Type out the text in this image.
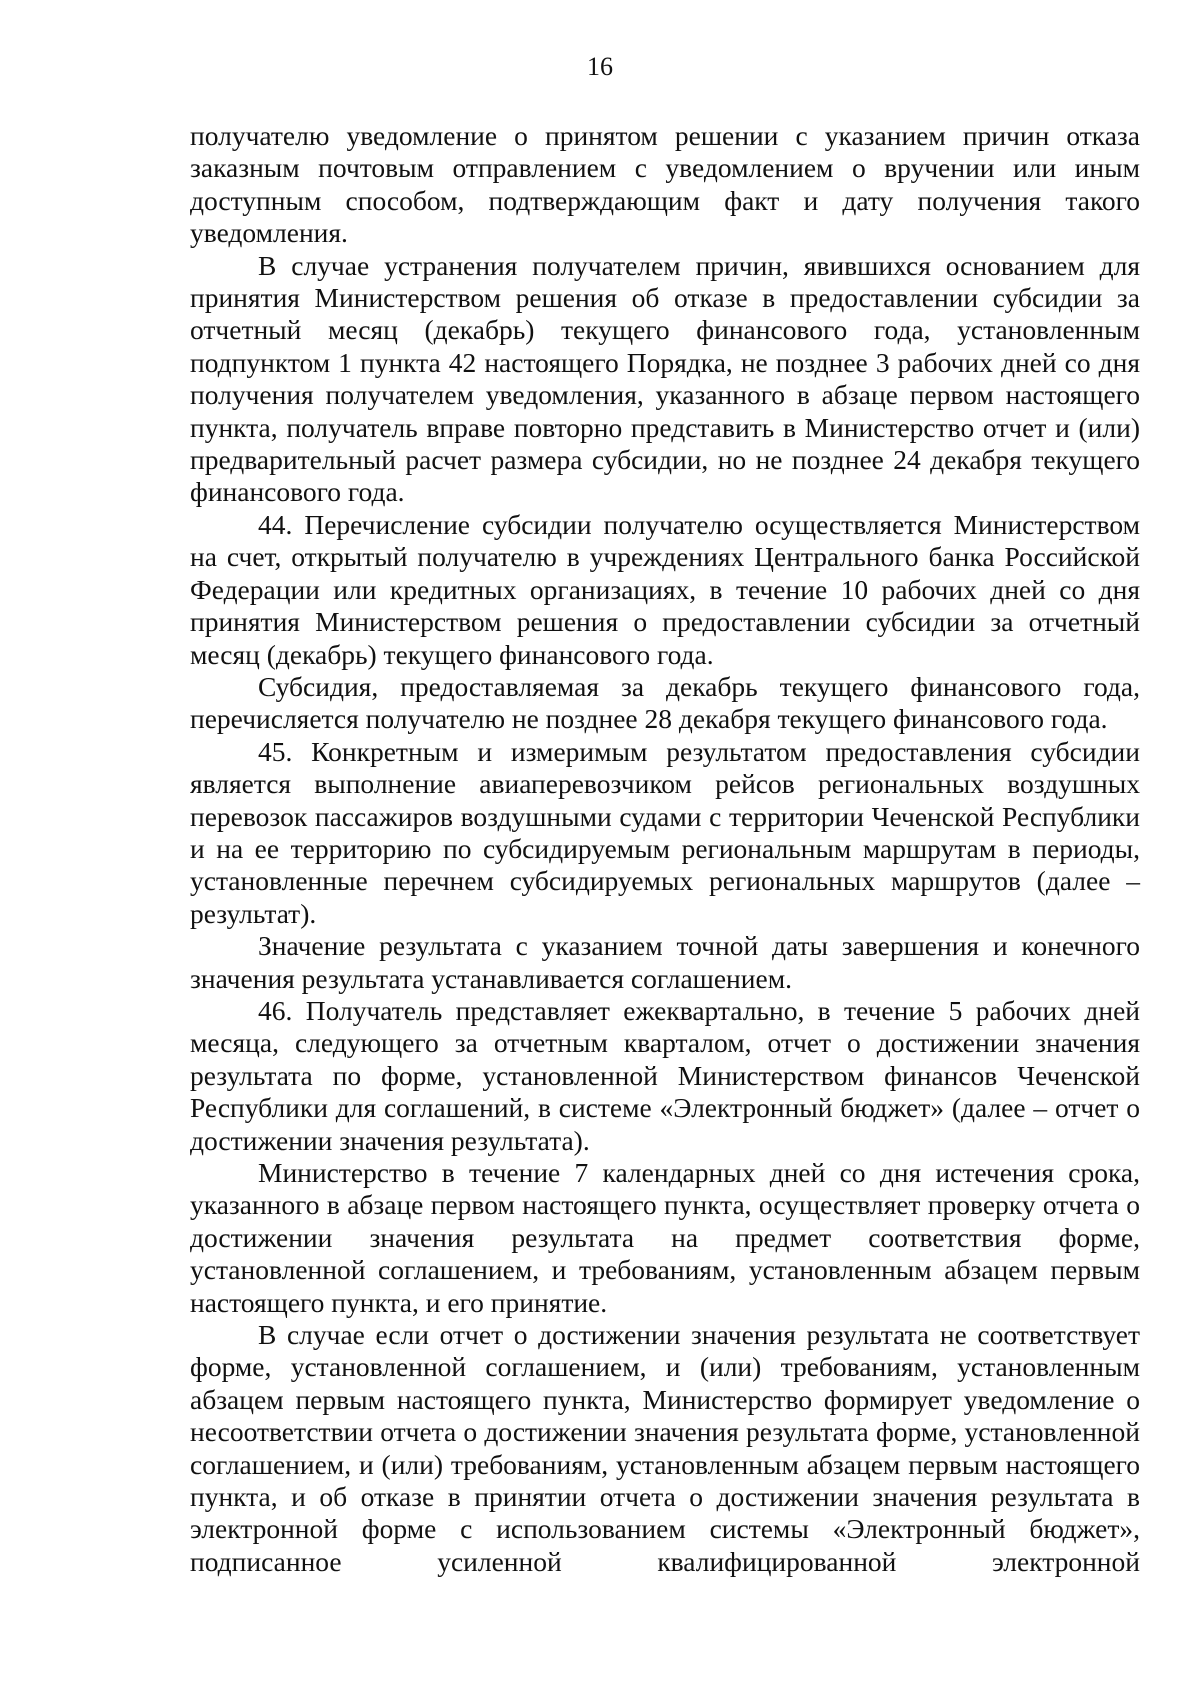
16

получателю уведомление о принятом решении с указанием причин отказа заказным почтовым отправлением с уведомлением о вручении или иным доступным способом, подтверждающим факт и дату получения такого уведомления.

В случае устранения получателем причин, явившихся основанием для принятия Министерством решения об отказе в предоставлении субсидии за отчетный месяц (декабрь) текущего финансового года, установленным подпунктом 1 пункта 42 настоящего Порядка, не позднее 3 рабочих дней со дня получения получателем уведомления, указанного в абзаце первом настоящего пункта, получатель вправе повторно представить в Министерство отчет и (или) предварительный расчет размера субсидии, но не позднее 24 декабря текущего финансового года.

44. Перечисление субсидии получателю осуществляется Министерством на счет, открытый получателю в учреждениях Центрального банка Российской Федерации или кредитных организациях, в течение 10 рабочих дней со дня принятия Министерством решения о предоставлении субсидии за отчетный месяц (декабрь) текущего финансового года.

Субсидия, предоставляемая за декабрь текущего финансового года, перечисляется получателю не позднее 28 декабря текущего финансового года.

45. Конкретным и измеримым результатом предоставления субсидии является выполнение авиаперевозчиком рейсов региональных воздушных перевозок пассажиров воздушными судами с территории Чеченской Республики и на ее территорию по субсидируемым региональным маршрутам в периоды, установленные перечнем субсидируемых региональных маршрутов (далее – результат).

Значение результата с указанием точной даты завершения и конечного значения результата устанавливается соглашением.

46. Получатель представляет ежеквартально, в течение 5 рабочих дней месяца, следующего за отчетным кварталом, отчет о достижении значения результата по форме, установленной Министерством финансов Чеченской Республики для соглашений, в системе «Электронный бюджет» (далее – отчет о достижении значения результата).

Министерство в течение 7 календарных дней со дня истечения срока, указанного в абзаце первом настоящего пункта, осуществляет проверку отчета о достижении значения результата на предмет соответствия форме, установленной соглашением, и требованиям, установленным абзацем первым настоящего пункта, и его принятие.

В случае если отчет о достижении значения результата не соответствует форме, установленной соглашением, и (или) требованиям, установленным абзацем первым настоящего пункта, Министерство формирует уведомление о несоответствии отчета о достижении значения результата форме, установленной соглашением, и (или) требованиям, установленным абзацем первым настоящего пункта, и об отказе в принятии отчета о достижении значения результата в электронной форме с использованием системы «Электронный бюджет», подписанное усиленной квалифицированной электронной
